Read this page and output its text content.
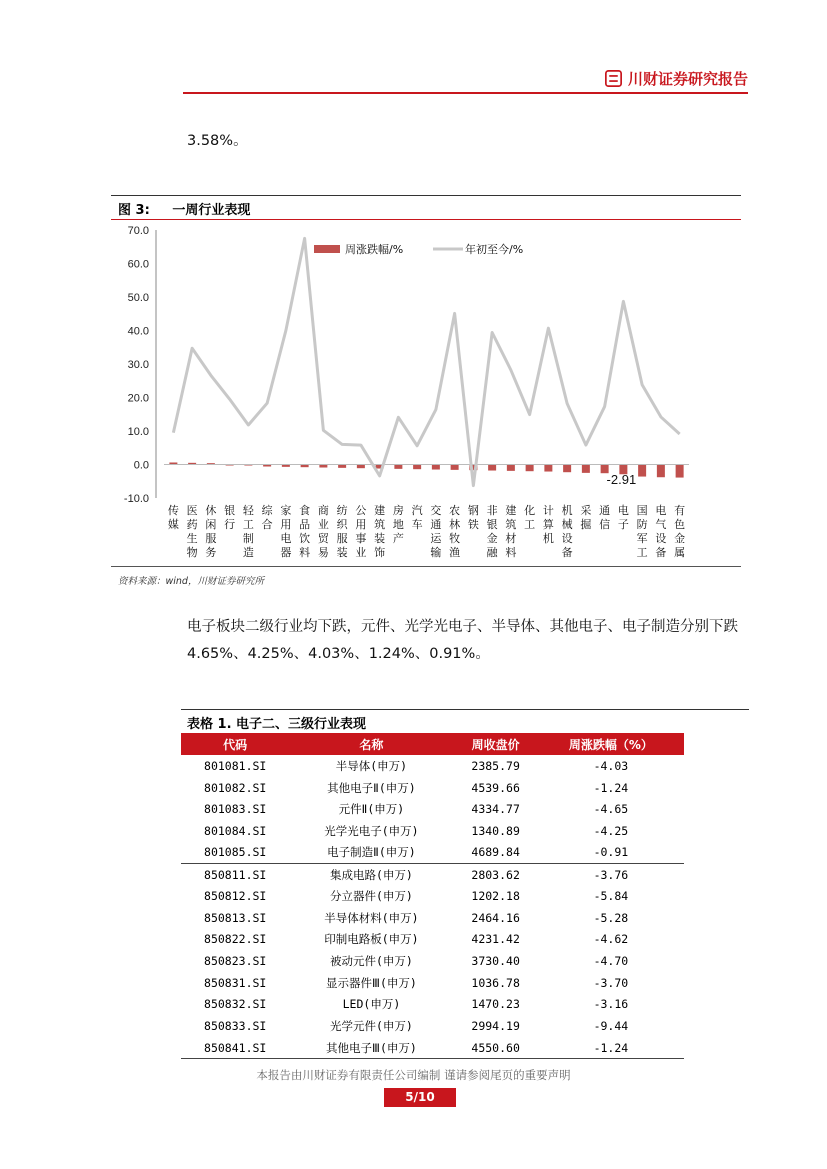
川财证券研究报告
3.58%。
图 3: 一周行业表现
70.0
60.0
50.0
40.0
30.0
20.0
10.0
0.0
-10.0
-2.91
传媒
医药生物
休闲服务
银行
轻工制造
综合
家用电器
食品饮料
商业贸易
纺织服装
公用事业
建筑装饰
房地产
汽车
交通运输
农林牧渔
钢铁
非银金融
建筑材料
化工
计算机
机械设备
采掘
通信
电子
国防军工
电气设备
有色金属
周涨跌幅/%	年初至今/%
资料来源：wind，川财证券研究所
电子板块二级行业均下跌，元件、光学光电子、半导体、其他电子、电子制造分别下跌 4.65%、4.25%、4.03%、1.24%、0.91%。
表格 1. 电子二、三级行业表现
代码	名称	周收盘价	周涨跌幅（%）
801081.SI	半导体(申万)	2385.79	-4.03
801082.SI	其他电子Ⅱ(申万)	4539.66	-1.24
801083.SI	元件Ⅱ(申万)	4334.77	-4.65
801084.SI	光学光电子(申万)	1340.89	-4.25
801085.SI	电子制造Ⅱ(申万)	4689.84	-0.91
850811.SI	集成电路(申万)	2803.62	-3.76
850812.SI	分立器件(申万)	1202.18	-5.84
850813.SI	半导体材料(申万)	2464.16	-5.28
850822.SI	印制电路板(申万)	4231.42	-4.62
850823.SI	被动元件(申万)	3730.40	-4.70
850831.SI	显示器件Ⅲ(申万)	1036.78	-3.70
850832.SI	LED(申万)	1470.23	-3.16
850833.SI	光学元件(申万)	2994.19	-9.44
850841.SI	其他电子Ⅲ(申万)	4550.60	-1.24
本报告由川财证券有限责任公司编制 谨请参阅尾页的重要声明
5/10
